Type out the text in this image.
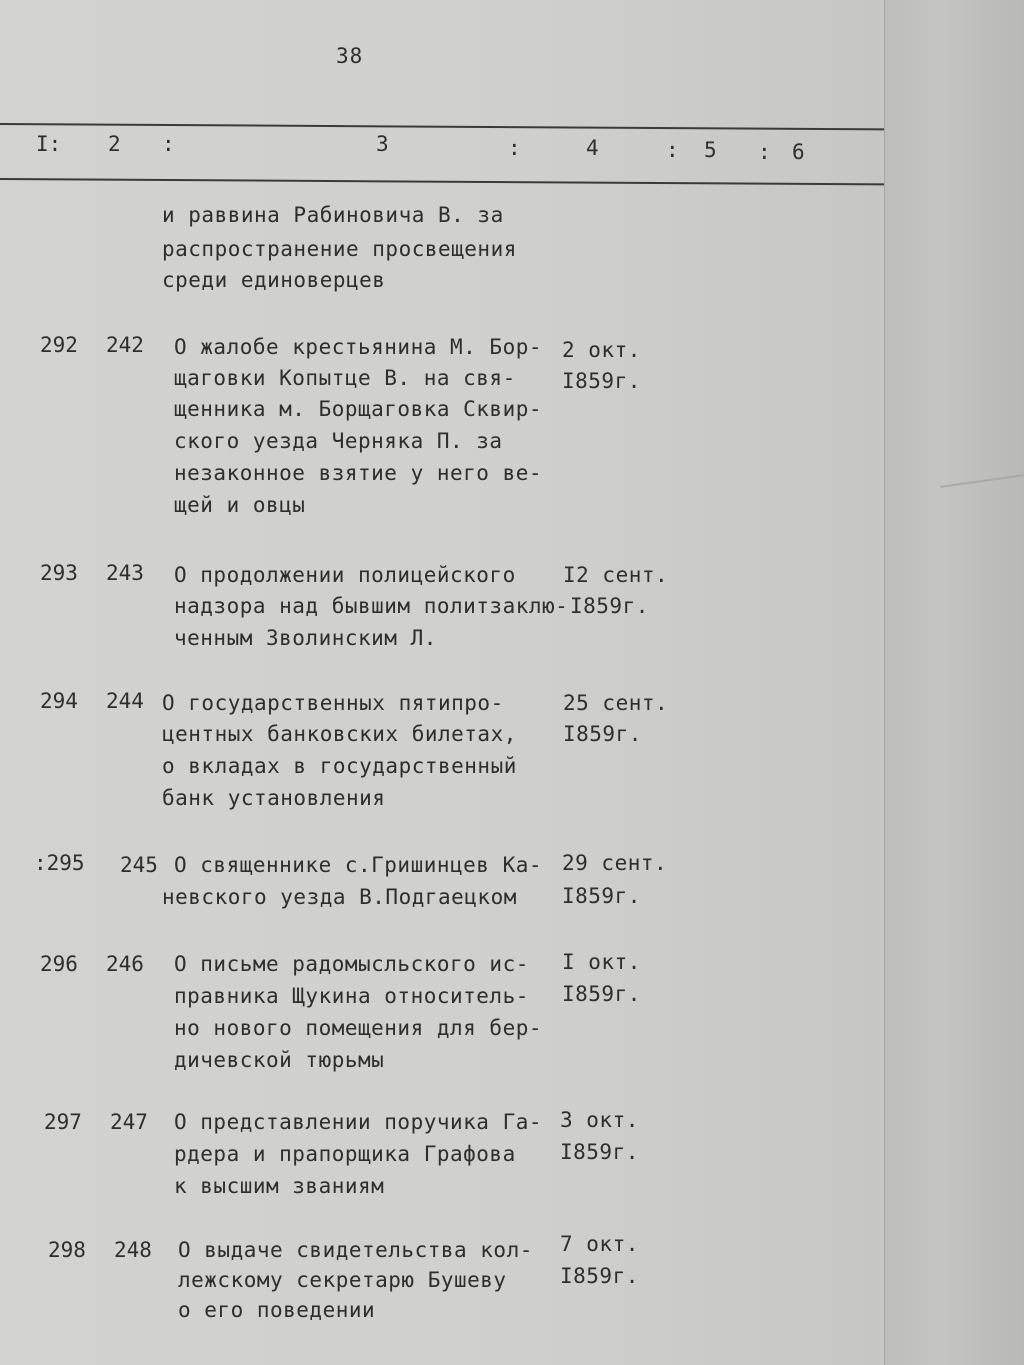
38
I: 2 :	3	:	4	: 5 : 6
и раввина Рабиновича В. за
распространение просвещения
среди единоверцев
292 242 О жалобе крестьянина М. Бор-
щаговки Копытце В. на свя-
щенника м. Борщаговка Сквир-
ского уезда Черняка П. за
незаконное взятие у него ве-
щей и овцы
2 окт.
I859г.
293 243 О продолжении полицейского
надзора над бывшим политзаклю-
ченным Зволинским Л.
I2 сент.
I859г.
294 244 О государственных пятипро-
центных банковских билетах,
о вкладах в государственный
банк установления
25 сент.
I859г.
:295 245 О священнике с.Гришинцев Ка-
невского уезда В.Подгаецком
29 сент.
I859г.
296 246 О письме радомысльского ис-
правника Щукина относитель-
но нового помещения для бер-
дичевской тюрьмы
I окт.
I859г.
297 247 О представлении поручика Га-
рдера и прапорщика Графова
к высшим званиям
3 окт.
I859г.
298 248 О выдаче свидетельства кол-
лежскому секретарю Бушеву
о его поведении
7 окт.
I859г.
